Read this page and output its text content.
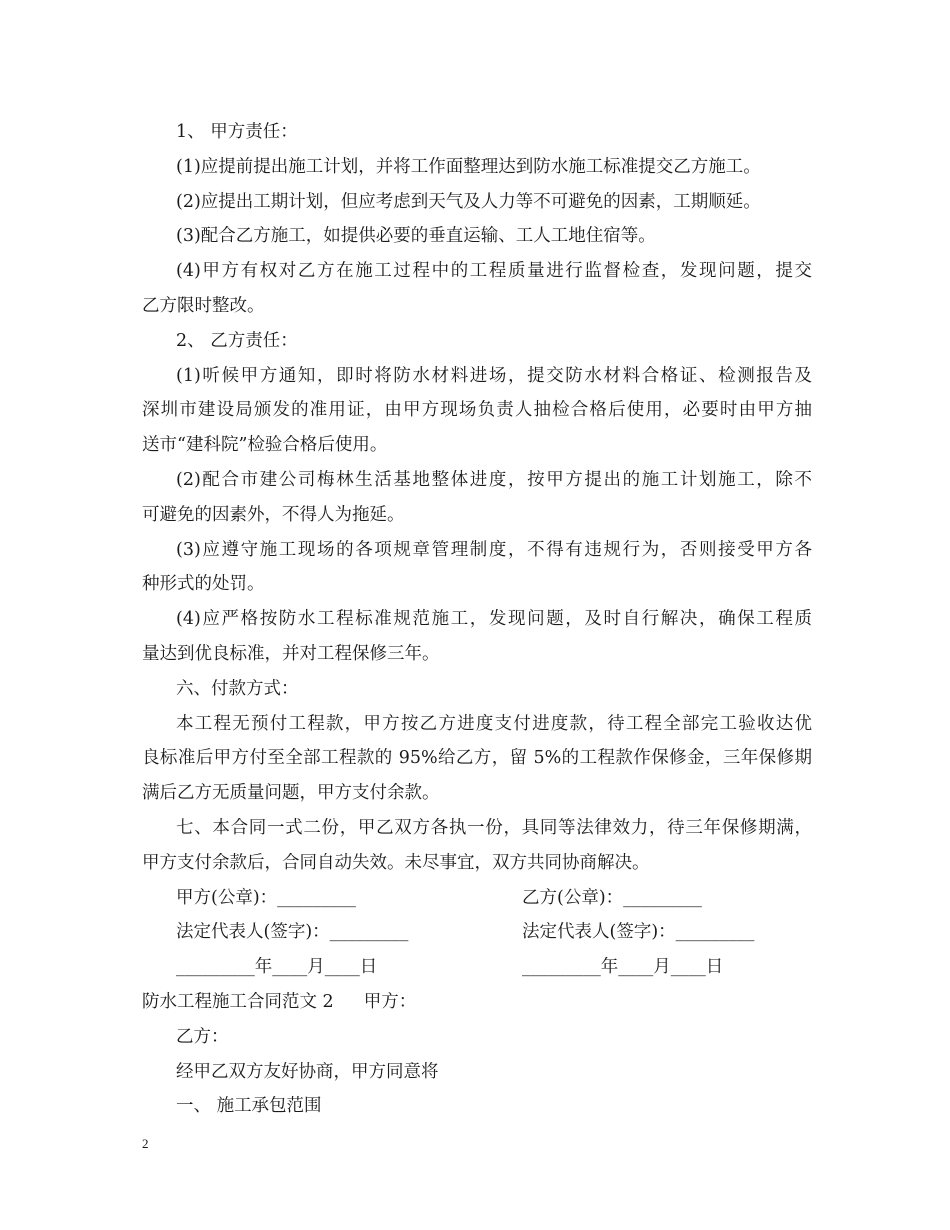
1、 甲方责任：

(1)应提前提出施工计划，并将工作面整理达到防水施工标准提交乙方施工。

(2)应提出工期计划，但应考虑到天气及人力等不可避免的因素，工期顺延。

(3)配合乙方施工，如提供必要的垂直运输、工人工地住宿等。

(4)甲方有权对乙方在施工过程中的工程质量进行监督检查，发现问题，提交

乙方限时整改。

2、 乙方责任：

(1)听候甲方通知，即时将防水材料进场，提交防水材料合格证、检测报告及

深圳市建设局颁发的准用证，由甲方现场负责人抽检合格后使用，必要时由甲方抽

送市“建科院”检验合格后使用。

(2)配合市建公司梅林生活基地整体进度，按甲方提出的施工计划施工，除不

可避免的因素外，不得人为拖延。

(3)应遵守施工现场的各项规章管理制度，不得有违规行为，否则接受甲方各

种形式的处罚。

(4)应严格按防水工程标准规范施工，发现问题，及时自行解决，确保工程质

量达到优良标准，并对工程保修三年。

六、付款方式：

本工程无预付工程款，甲方按乙方进度支付进度款，待工程全部完工验收达优

良标准后甲方付至全部工程款的 95%给乙方，留 5%的工程款作保修金，三年保修期

满后乙方无质量问题，甲方支付余款。

七、本合同一式二份，甲乙双方各执一份，具同等法律效力，待三年保修期满，

甲方支付余款后，合同自动失效。未尽事宜，双方共同协商解决。

甲方(公章)：_________	乙方(公章)：_________
法定代表人(签字)：_________	法定代表人(签字)：_________
_________年____月____日	_________年____月____日
防水工程施工合同范文 2 甲方：

乙方：

经甲乙双方友好协商，甲方同意将

一、 施工承包范围

2
